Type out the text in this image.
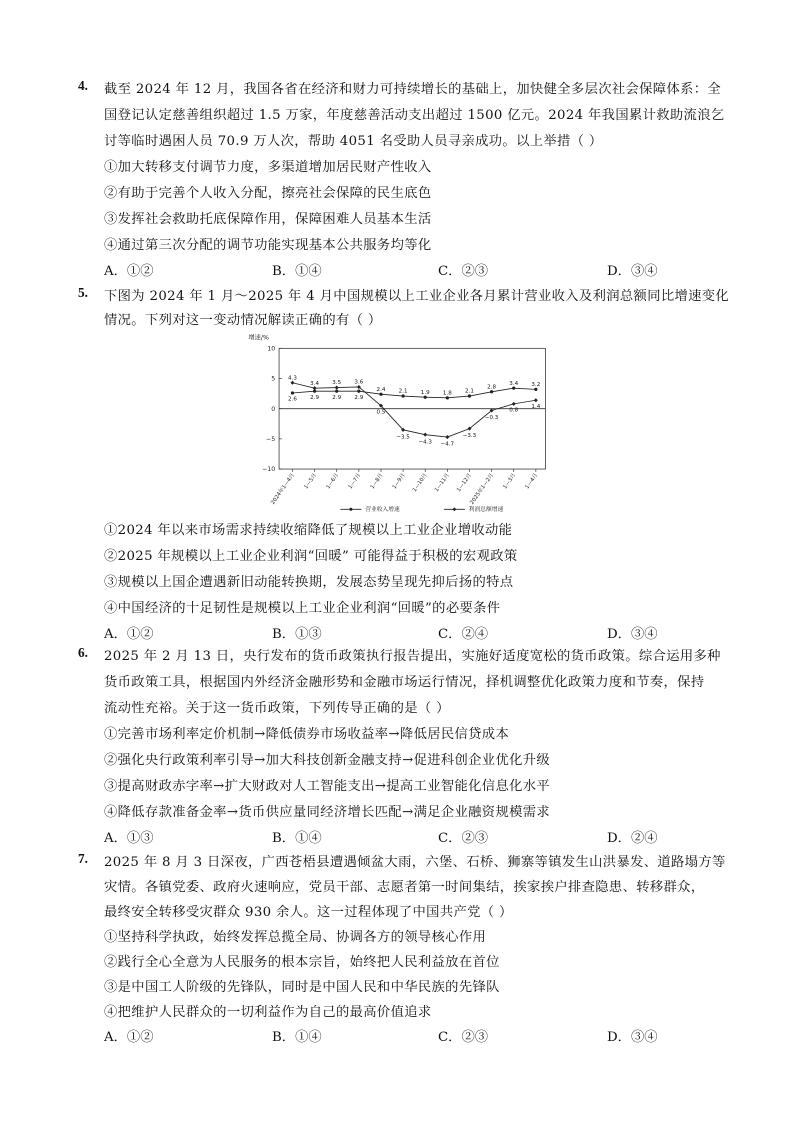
4. 截至 2024 年 12 月，我国各省在经济和财力可持续增长的基础上，加快健全多层次社会保障体系：全
国登记认定慈善组织超过 1.5 万家，年度慈善活动支出超过 1500 亿元。2024 年我国累计救助流浪乞
讨等临时遇困人员 70.9 万人次，帮助 4051 名受助人员寻亲成功。以上举措（ ）
①加大转移支付调节力度，多渠道增加居民财产性收入
②有助于完善个人收入分配，擦亮社会保障的民生底色
③发挥社会救助托底保障作用，保障困难人员基本生活
④通过第三次分配的调节功能实现基本公共服务均等化
A．①②	B．①④	C．②③	D．③④
5. 下图为 2024 年 1 月～2025 年 4 月中国规模以上工业企业各月累计营业收入及利润总额同比增速变化
情况。下列对这一变动情况解读正确的有（ ）
①2024 年以来市场需求持续收缩降低了规模以上工业企业增收动能
②2025 年规模以上工业企业利润“回暖” 可能得益于积极的宏观政策
③规模以上国企遭遇新旧动能转换期，发展态势呈现先抑后扬的特点
④中国经济的十足韧性是规模以上工业企业利润“回暖”的必要条件
A．①②	B．①③	C．②④	D．③④
增速/%
10
5
0
−5
−10
2024年1—4月 1—5月 1—6月 1—7月 1—8月 1—9月 1—10月 1—11月 1—12月
2025年1—2月 1—3月 1—4月
营业收入增速	利润总额增速
2.6 2.9 2.9 2.9
2.4 2.1 1.9 1.8 2.1
2.8
3.4 3.2
4.3
3.4 3.5 3.6
0.5
−3.5
−4.3 −4.7
−3.3
−0.3
0.8
1.4
6. 2025 年 2 月 13 日，央行发布的货币政策执行报告提出，实施好适度宽松的货币政策。综合运用多种
货币政策工具，根据国内外经济金融形势和金融市场运行情况，择机调整优化政策力度和节奏，保持
流动性充裕。关于这一货币政策，下列传导正确的是（ ）
①完善市场利率定价机制→降低债券市场收益率→降低居民信贷成本
②强化央行政策利率引导→加大科技创新金融支持→促进科创企业优化升级
③提高财政赤字率→扩大财政对人工智能支出→提高工业智能化信息化水平
④降低存款准备金率→货币供应量同经济增长匹配→满足企业融资规模需求
A．①③	B．①④	C．②③	D．②④
7. 2025 年 8 月 3 日深夜，广西苍梧县遭遇倾盆大雨，六堡、石桥、狮寨等镇发生山洪暴发、道路塌方等
灾情。各镇党委、政府火速响应，党员干部、志愿者第一时间集结，挨家挨户排查隐患、转移群众，
最终安全转移受灾群众 930 余人。这一过程体现了中国共产党（ ）
①坚持科学执政，始终发挥总揽全局、协调各方的领导核心作用
②践行全心全意为人民服务的根本宗旨，始终把人民利益放在首位
③是中国工人阶级的先锋队，同时是中国人民和中华民族的先锋队
④把维护人民群众的一切利益作为自己的最高价值追求
A．①②	B．①④	C．②③	D．③④
